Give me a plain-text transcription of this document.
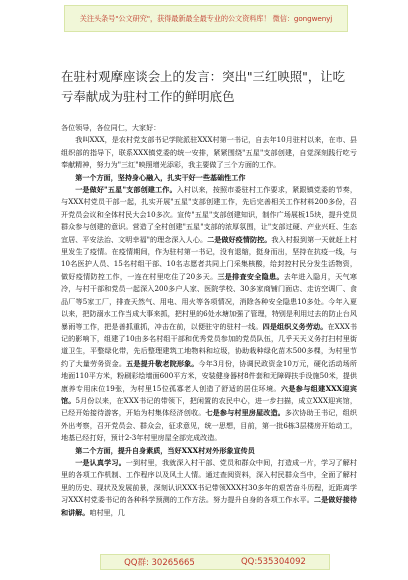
关注头条号"公文研究"，获得最新最全最专业的公文资料库！ 微信：gongwenyj
在驻村观摩座谈会上的发言：突出"三红映照"，让吃亏奉献成为驻村工作的鲜明底色

各位领导，各位同仁，大家好：

我叫XXX，是农村党支部书记学院派驻XXX村第一书记，自去年10月驻村以来，在市、县组织部的指导下，联系XXX镇党委的统一安排，紧紧围绕"五星"支部创建，自觉深刻践行吃亏奉献精神，努力为"三红"映照增光添彩，我主要做了三个方面的工作。

第一个方面，坚持身心融入，扎实干好一些基础性工作

一是做好"五星"支部创建工作。入村以来，按照市委驻村工作要求，紧跟镇党委的节奏，与XXX村党员干部一起，扎实开展"五星"支部创建工作，先后完善相关工作材料200多份，召开党员会议和全体村民大会10多次。宣传"五星"支部创建知识，制作广场展板15块，提升党员群众参与创建的意识。营造了全村创建"五星"支部的浓厚氛围，让"支部过硬、产业兴旺、生态宜居、平安法治、文明幸福"的理念深入人心。二是做好疫情防控。我入村报到第一天就赶上村里发生了疫情。在疫情期间，作为驻村第一书记，没有退缩，挺身而出，坚持在抗疫一线，与10名医护人员、15名村组干部、10名志愿者共同上门采集核酸，给封控村民分发生活物资，做好疫情防控工作，一连在村里吃住了20多天。三是排查安全隐患。去年进入隐月，天气寒冷，与村干部和党员一起深入200多户人家、医院学校、30多家商铺门面店、走访空调厂、食品厂等5家工厂，排查天然气、用电、用火等各项情况，消除各种安全隐患10多处。今年入夏以来，把防溺水工作当成大事来抓，把村里的6处水塘加强了管理，特别是利用过去的防止台风暴雨等工作，把是善抓重抓，冲击在前，以便驻守的驻村一线。四是组织义务劳动。在XXX书记的影响下，组建了10由多名村组干部和优秀党员参加的党员队伍，几乎天天义务打扫村里街道卫生，平整绿化带，先后整理建筑工地物料和垃圾，协助栽种绿化苗木500多棵，为村里节约了大量劳务资金。五是提升敬老院形象。今年3月份，协调民政资金10万元，硬化活动场所地面110平方米，粉刷彩绘墙面600平方米，安装健身器材8件套和无障碍扶手设施50米，提供康养专用床位19张，为村里15位孤寡老人创造了舒适的居住环境。六是参与组建XXX迎宾馆。5月份以来，在XXX书记的带领下，把闲置的农民中心，进一步扫描，成立XXX迎宾馆，已经开始接待游客，开始为村集体经济创收。七是参与村里房屋改造。多次协助王书记，组织外出考察，召开党员会、群众会，征求意见，统一思想，目前，第一批6栋3层楼房开始动工，地基已经打好，预计2-3年村里房屋全部完成改造。

第二个方面，提升自身素质，当好XXX村对外形象宣传员

一是认真学习。一到村里，我就深入村干部、党员和群众中间，打造成一片，学习了解村里的各项工作机制、工作程序以及风土人情。通过查阅资料，深入村民群众当中，全面了解村里的历史、现状及发展前景，深刻认识XXX书记带领XXX村30多年的艰苦奋斗历程，近距离学习XXX村党委书记的各种科学预测的工作方法。努力提升自身的各项工作水平。二是做好接待和讲解。咱村里，几

QQ群: 30265665	QQ:535304092
